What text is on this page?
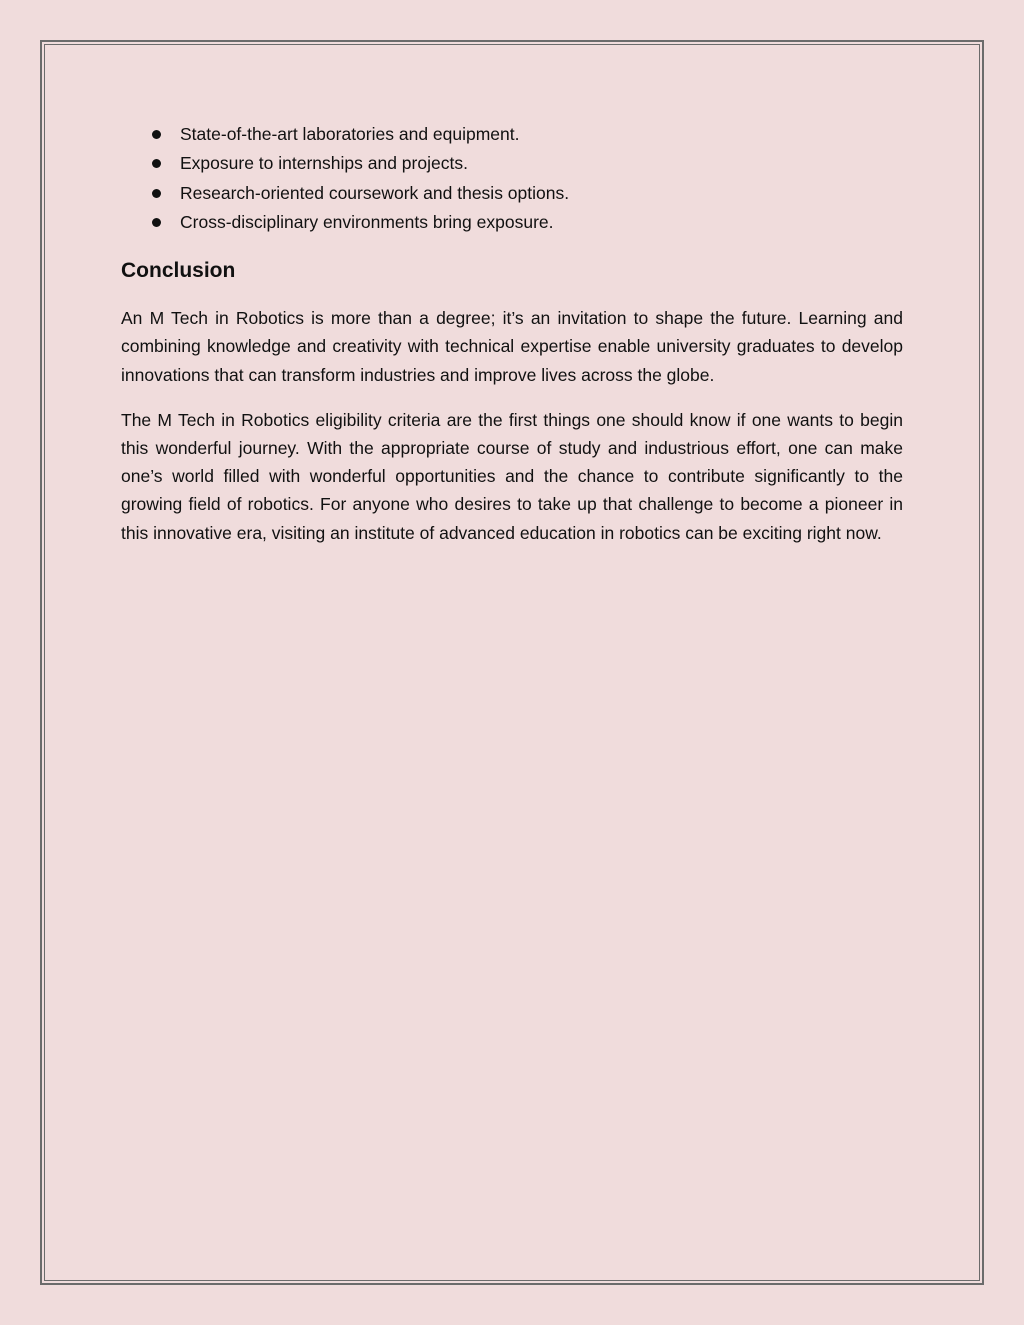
State-of-the-art laboratories and equipment.
Exposure to internships and projects.
Research-oriented coursework and thesis options.
Cross-disciplinary environments bring exposure.
Conclusion

An M Tech in Robotics is more than a degree; it’s an invitation to shape the future. Learning and combining knowledge and creativity with technical expertise enable university graduates to develop innovations that can transform industries and improve lives across the globe.

The M Tech in Robotics eligibility criteria are the first things one should know if one wants to begin this wonderful journey. With the appropriate course of study and industrious effort, one can make one’s world filled with wonderful opportunities and the chance to contribute significantly to the growing field of robotics. For anyone who desires to take up that challenge to become a pioneer in this innovative era, visiting an institute of advanced education in robotics can be exciting right now.
